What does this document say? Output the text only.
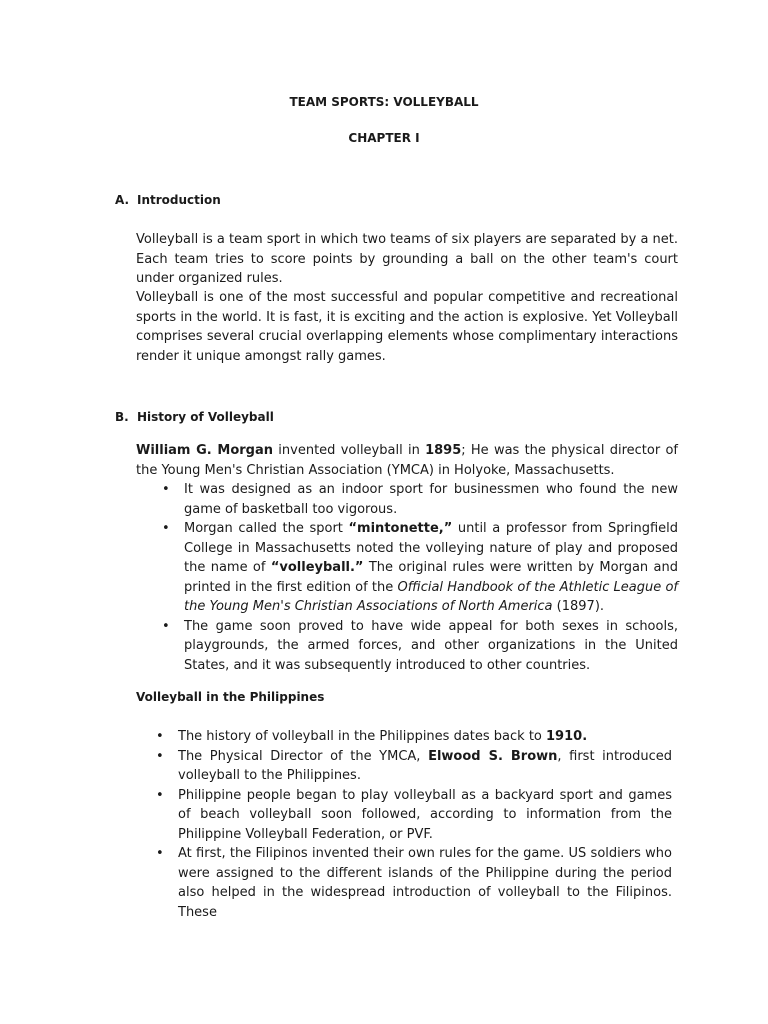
TEAM SPORTS: VOLLEYBALL
CHAPTER I
A. Introduction
Volleyball is a team sport in which two teams of six players are separated by a net. Each team tries to score points by grounding a ball on the other team's court under organized rules.
Volleyball is one of the most successful and popular competitive and recreational sports in the world. It is fast, it is exciting and the action is explosive. Yet Volleyball comprises several crucial overlapping elements whose complimentary interactions render it unique amongst rally games.
B. History of Volleyball
William G. Morgan invented volleyball in 1895; He was the physical director of the Young Men's Christian Association (YMCA) in Holyoke, Massachusetts.
• It was designed as an indoor sport for businessmen who found the new game of basketball too vigorous.
• Morgan called the sport “mintonette,” until a professor from Springfield College in Massachusetts noted the volleying nature of play and proposed the name of “volleyball.” The original rules were written by Morgan and printed in the first edition of the Official Handbook of the Athletic League of the Young Men's Christian Associations of North America (1897).
• The game soon proved to have wide appeal for both sexes in schools, playgrounds, the armed forces, and other organizations in the United States, and it was subsequently introduced to other countries.
Volleyball in the Philippines
• The history of volleyball in the Philippines dates back to 1910.
• The Physical Director of the YMCA, Elwood S. Brown, first introduced volleyball to the Philippines.
• Philippine people began to play volleyball as a backyard sport and games of beach volleyball soon followed, according to information from the Philippine Volleyball Federation, or PVF.
• At first, the Filipinos invented their own rules for the game. US soldiers who were assigned to the different islands of the Philippine during the period also helped in the widespread introduction of volleyball to the Filipinos. These
